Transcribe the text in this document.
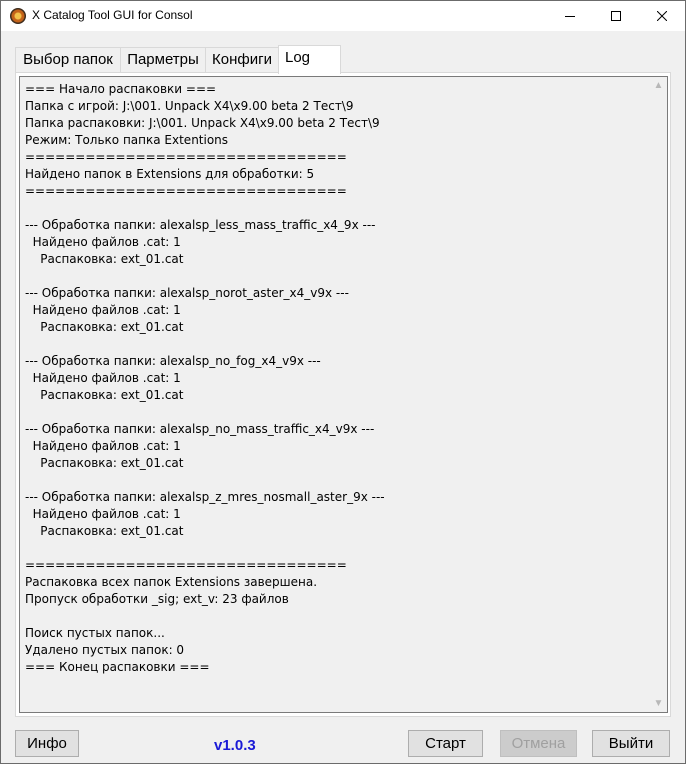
X Catalog Tool GUI for Consol
Выбор папок Парметры Конфиги Log
=== Начало распаковки ===
Папка с игрой: J:\001. Unpack X4\x9.00 beta 2 Тест\9
Папка распаковки: J:\001. Unpack X4\x9.00 beta 2 Тест\9
Режим: Только папка Extentions
================================
Найдено папок в Extensions для обработки: 5
================================

--- Обработка папки: alexalsp_less_mass_traffic_x4_9x ---
Найдено файлов .cat: 1
Распаковка: ext_01.cat

--- Обработка папки: alexalsp_norot_aster_x4_v9x ---
Найдено файлов .cat: 1
Распаковка: ext_01.cat

--- Обработка папки: alexalsp_no_fog_x4_v9x ---
Найдено файлов .cat: 1
Распаковка: ext_01.cat

--- Обработка папки: alexalsp_no_mass_traffic_x4_v9x ---
Найдено файлов .cat: 1
Распаковка: ext_01.cat

--- Обработка папки: alexalsp_z_mres_nosmall_aster_9x ---
Найдено файлов .cat: 1
Распаковка: ext_01.cat

================================
Распаковка всех папок Extensions завершена.
Пропуск обработки _sig; ext_v: 23 файлов

Поиск пустых папок...
Удалено пустых папок: 0
=== Конец распаковки ===
▲
▼
Инфо	v1.0.3	Старт	Отмена	Выйти
